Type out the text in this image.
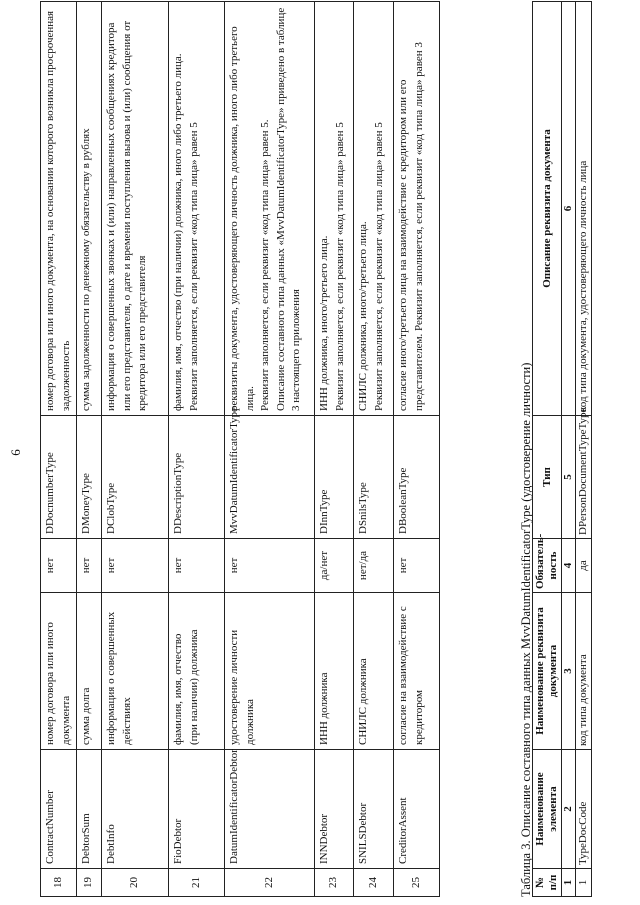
6
18	ContractNumber	номер договора или иного документа	нет	DDocnumberType	номер договора или иного документа, на основании которого возникла просроченная задолженность
19	DebtorSum	сумма долга	нет	DMoneyType	сумма задолженности по денежному обязательству в рублях
20	DebtInfo	информация о совершенных действиях	нет	DClobType	информация о совершенных звонках и (или) направленных сообщениях кредитора или его представителя, о дате и времени поступления вызова и (или) сообщения от кредитора или его представителя
21	FioDebtor	фамилия, имя, отчество
(при наличии) должника	нет	DDescriptionType	фамилия, имя, отчество (при наличии) должника, иного либо третьего лица.
Реквизит заполняется, если реквизит «код типа лица» равен 5
22	DatumIdentificatorDebtor	удостоверение личности должника	нет	MvvDatumIdentificatorType	реквизиты документа, удостоверяющего личность должника, иного либо третьего лица.
Реквизит заполняется, если реквизит «код типа лица» равен 5.
Описание составного типа данных «MvvDatumIdentificatorType» приведено в таблице 3 настоящего приложения
23	INNDebtor	ИНН должника	да/нет	DInnType	ИНН должника, иного/третьего лица.
Реквизит заполняется, если реквизит «код типа лица» равен 5
24	SNILSDebtor	СНИЛС должника	нет/да	DSnilsType	СНИЛС должника, иного/третьего лица.
Реквизит заполняется, если реквизит «код типа лица» равен 5
25	CreditorAssent	согласие на взаимодействие с кредитором	нет	DBooleanType	согласие иного/третьего лица на взаимодействие с кредитором или его представителем. Реквизит заполняется, если реквизит «код типа лица» равен 3
Таблица 3. Описание составного типа данных MvvDatumIdentificatorType (удостоверение личности) № п/п	Наименование элемента	Наименование реквизита документа	Обязатель-ность	Тип	Описание реквизита документа
1	2	3	4	5	6
1	TypeDocCode	код типа документа	да	DPersonDocumentTypeType	код типа документа, удостоверяющего личность лица
